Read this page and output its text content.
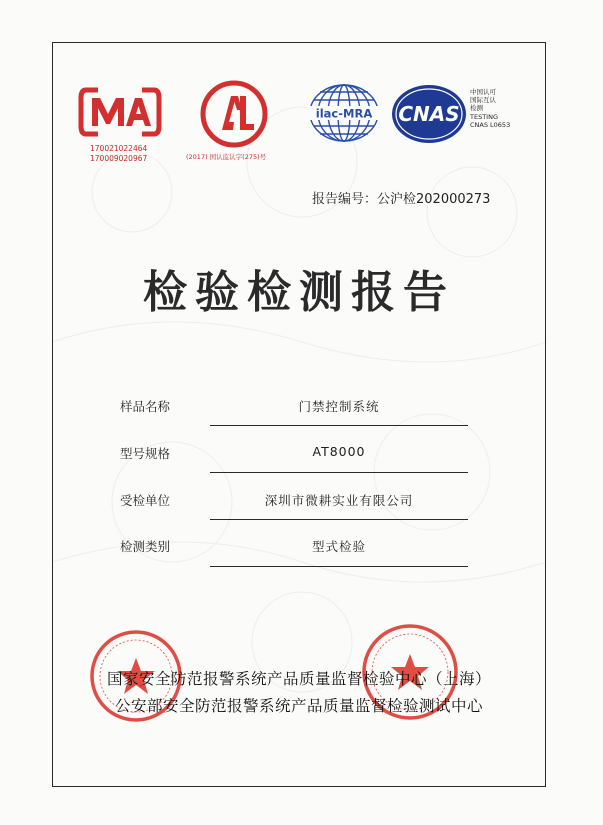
170021022464
170009020967	(2017) 国认监认字(275)号
ilac-MRA CNAS
中国认可
国际互认
检测
TESTING
CNAS L0653
报告编号：公沪检202000273
检验检测报告
样品名称	门禁控制系统
型号规格	AT8000
受检单位	深圳市微耕实业有限公司
检测类别	型式检验
国家安全防范报警系统产品质量监督检验中心（上海）
公安部安全防范报警系统产品质量监督检验测试中心
